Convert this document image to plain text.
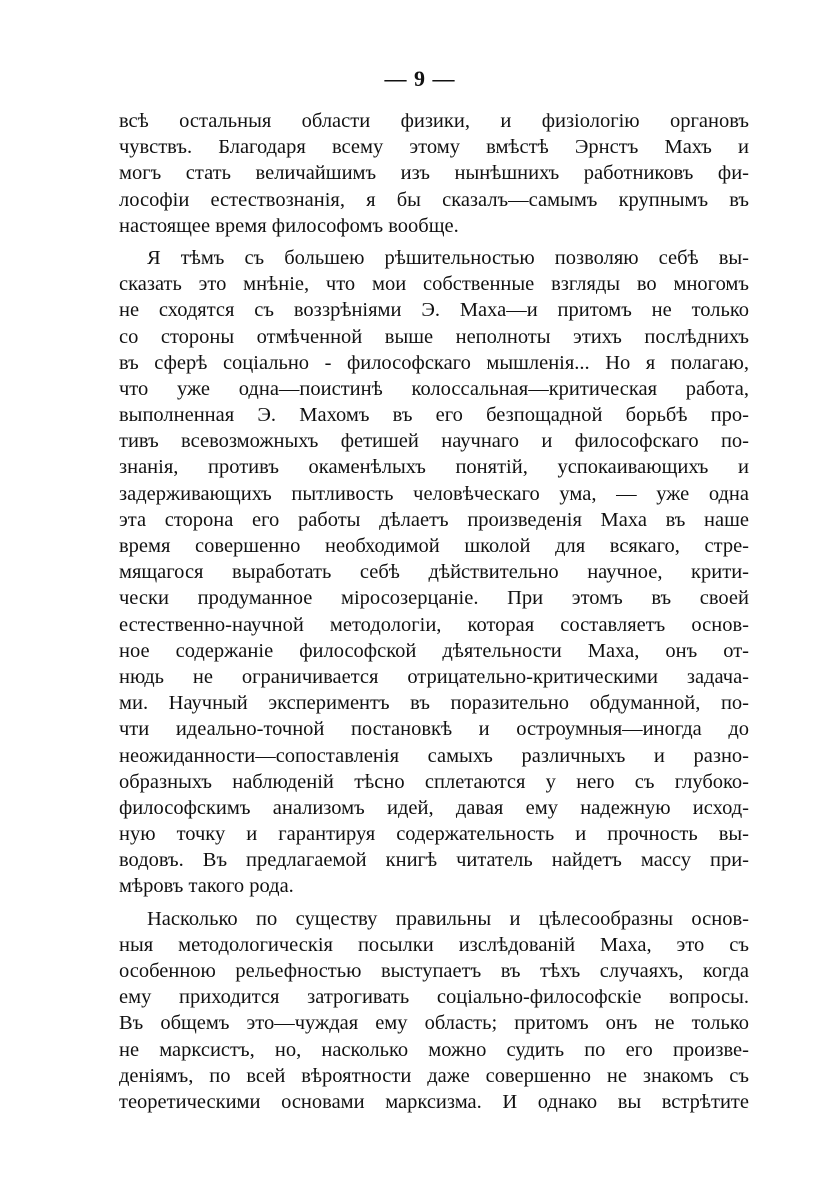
— 9 —
всѣ остальныя области физики, и физiологiю органовъ
чувствъ. Благодаря всему этому вмѣстѣ Эрнстъ Махъ и
могъ стать величайшимъ изъ нынѣшнихъ работниковъ фи-
лософiи естествознанiя, я бы сказалъ—самымъ крупнымъ въ
настоящее время философомъ вообще.
Я тѣмъ съ большею рѣшительностью позволяю себѣ вы-
сказать это мнѣнiе, что мои собственные взгляды во многомъ
не сходятся съ воззрѣнiями Э. Маха—и притомъ не только
со стороны отмѣченной выше неполноты этихъ послѣднихъ
въ сферѣ соцiально - философскаго мышленiя... Но я полагаю,
что уже одна—поистинѣ колоссальная—критическая работа,
выполненная Э. Махомъ въ его безпощадной борьбѣ про-
тивъ всевозможныхъ фетишей научнаго и философскаго по-
знанiя, противъ окаменѣлыхъ понятiй, успокаивающихъ и
задерживающихъ пытливость человѣческаго ума, — уже одна
эта сторона его работы дѣлаетъ произведенiя Маха въ наше
время совершенно необходимой школой для всякаго, стре-
мящагося выработать себѣ дѣйствительно научное, крити-
чески продуманное мiросозерцанiе. При этомъ въ своей
естественно-научной методологiи, которая составляетъ основ-
ное содержанiе философской дѣятельности Маха, онъ от-
нюдь не ограничивается отрицательно-критическими задача-
ми. Научный экспериментъ въ поразительно обдуманной, по-
чти идеально-точной постановкѣ и остроумныя—иногда до
неожиданности—сопоставленiя самыхъ различныхъ и разно-
образныхъ наблюденiй тѣсно сплетаются у него съ глубоко-
философскимъ анализомъ идей, давая ему надежную исход-
ную точку и гарантируя содержательность и прочность вы-
водовъ. Въ предлагаемой книгѣ читатель найдетъ массу при-
мѣровъ такого рода.
Насколько по существу правильны и цѣлесообразны основ-
ныя методологическiя посылки изслѣдованiй Маха, это съ
особенною рельефностью выступаетъ въ тѣхъ случаяхъ, когда
ему приходится затрогивать соцiально-философскiе вопросы.
Въ общемъ это—чуждая ему область; притомъ онъ не только
не марксистъ, но, насколько можно судить по его произве-
денiямъ, по всей вѣроятности даже совершенно не знакомъ съ
теоретическими основами марксизма. И однако вы встрѣтите
